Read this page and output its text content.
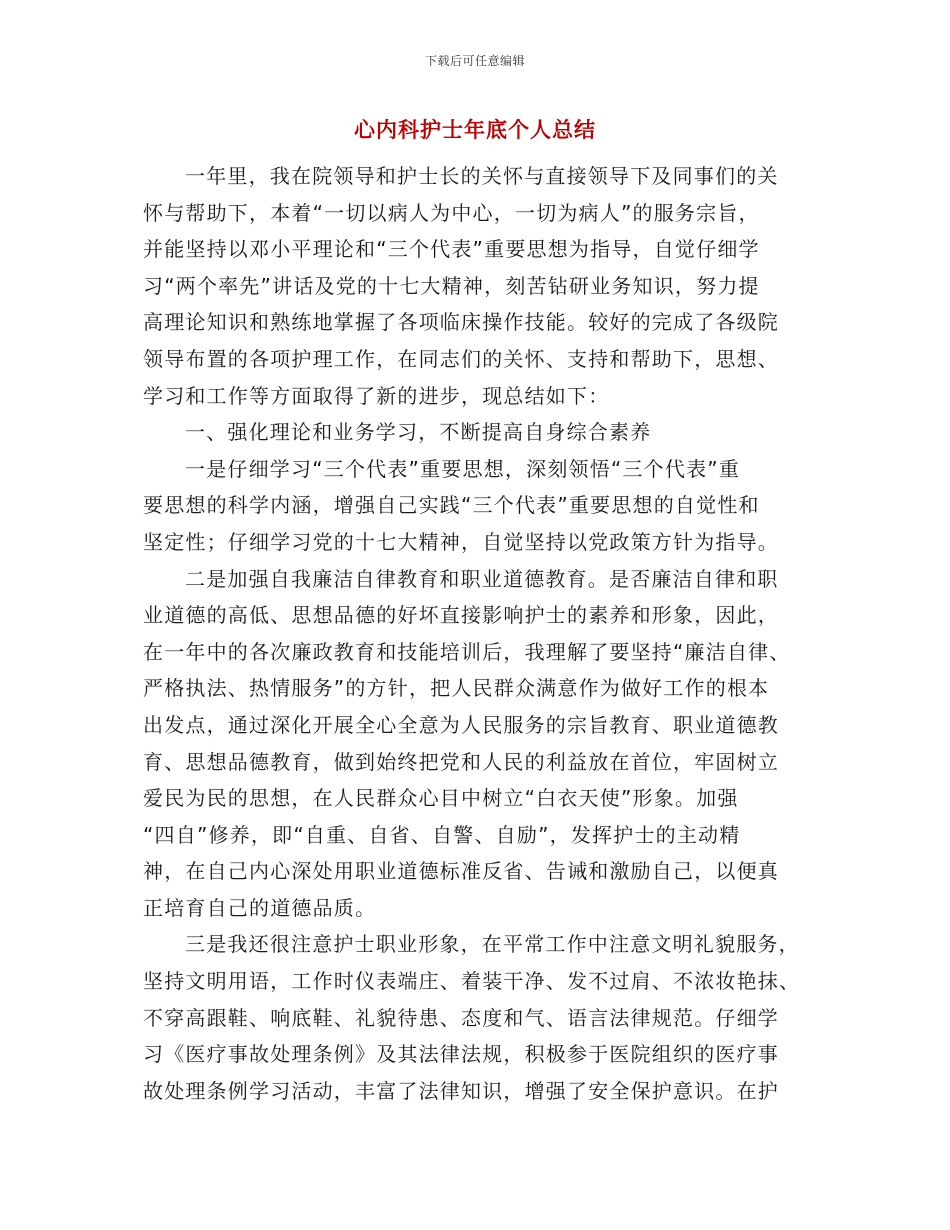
下载后可任意编辑
心内科护士年底个人总结
一年里，我在院领导和护士长的关怀与直接领导下及同事们的关
怀与帮助下，本着“一切以病人为中心，一切为病人”的服务宗旨，
并能坚持以邓小平理论和“三个代表”重要思想为指导，自觉仔细学
习“两个率先”讲话及党的十七大精神，刻苦钻研业务知识，努力提
高理论知识和熟练地掌握了各项临床操作技能。较好的完成了各级院
领导布置的各项护理工作，在同志们的关怀、支持和帮助下，思想、
学习和工作等方面取得了新的进步，现总结如下：
一、强化理论和业务学习，不断提高自身综合素养
一是仔细学习“三个代表”重要思想，深刻领悟“三个代表”重
要思想的科学内涵，增强自己实践“三个代表”重要思想的自觉性和
坚定性；仔细学习党的十七大精神，自觉坚持以党政策方针为指导。
二是加强自我廉洁自律教育和职业道德教育。是否廉洁自律和职
业道德的高低、思想品德的好坏直接影响护士的素养和形象，因此，
在一年中的各次廉政教育和技能培训后，我理解了要坚持“廉洁自律、
严格执法、热情服务”的方针，把人民群众满意作为做好工作的根本
出发点，通过深化开展全心全意为人民服务的宗旨教育、职业道德教
育、思想品德教育，做到始终把党和人民的利益放在首位，牢固树立
爱民为民的思想，在人民群众心目中树立“白衣天使”形象。加强
“四自”修养，即“自重、自省、自警、自励”，发挥护士的主动精
神，在自己内心深处用职业道德标准反省、告诫和激励自己，以便真
正培育自己的道德品质。
三是我还很注意护士职业形象，在平常工作中注意文明礼貌服务，
坚持文明用语，工作时仪表端庄、着装干净、发不过肩、不浓妆艳抹、
不穿高跟鞋、响底鞋、礼貌待患、态度和气、语言法律规范。仔细学
习《医疗事故处理条例》及其法律法规，积极参于医院组织的医疗事
故处理条例学习活动，丰富了法律知识，增强了安全保护意识。在护
